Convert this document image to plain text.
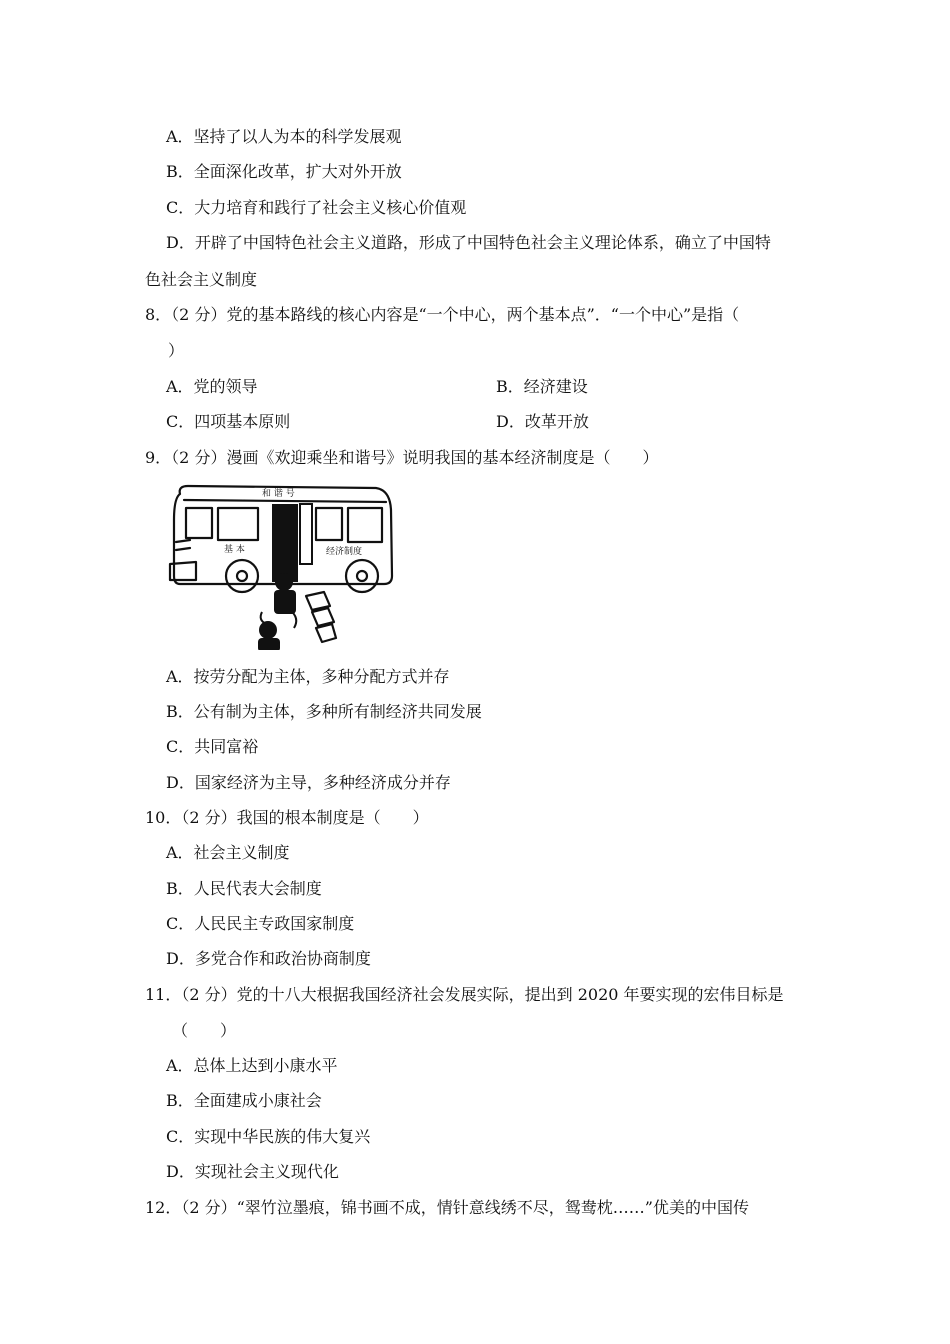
A．坚持了以人为本的科学发展观
B．全面深化改革，扩大对外开放
C．大力培育和践行了社会主义核心价值观
D．开辟了中国特色社会主义道路，形成了中国特色社会主义理论体系，确立了中国特
色社会主义制度
8．（2 分）党的基本路线的核心内容是“一个中心，两个基本点”．“一个中心”是指（
）
A．党的领导	B．经济建设
C．四项基本原则	D．改革开放
9．（2 分）漫画《欢迎乘坐和谐号》说明我国的基本经济制度是（　　）
和 谐 号
基 本	经济制度
A．按劳分配为主体，多种分配方式并存
B．公有制为主体，多种所有制经济共同发展
C．共同富裕
D．国家经济为主导，多种经济成分并存
10．（2 分）我国的根本制度是（　　）
A．社会主义制度
B．人民代表大会制度
C．人民民主专政国家制度
D．多党合作和政治协商制度
11．（2 分）党的十八大根据我国经济社会发展实际，提出到 2020 年要实现的宏伟目标是
（　　）
A．总体上达到小康水平
B．全面建成小康社会
C．实现中华民族的伟大复兴
D．实现社会主义现代化
12．（2 分）“翠竹泣墨痕，锦书画不成，情针意线绣不尽，鸳鸯枕……”优美的中国传
